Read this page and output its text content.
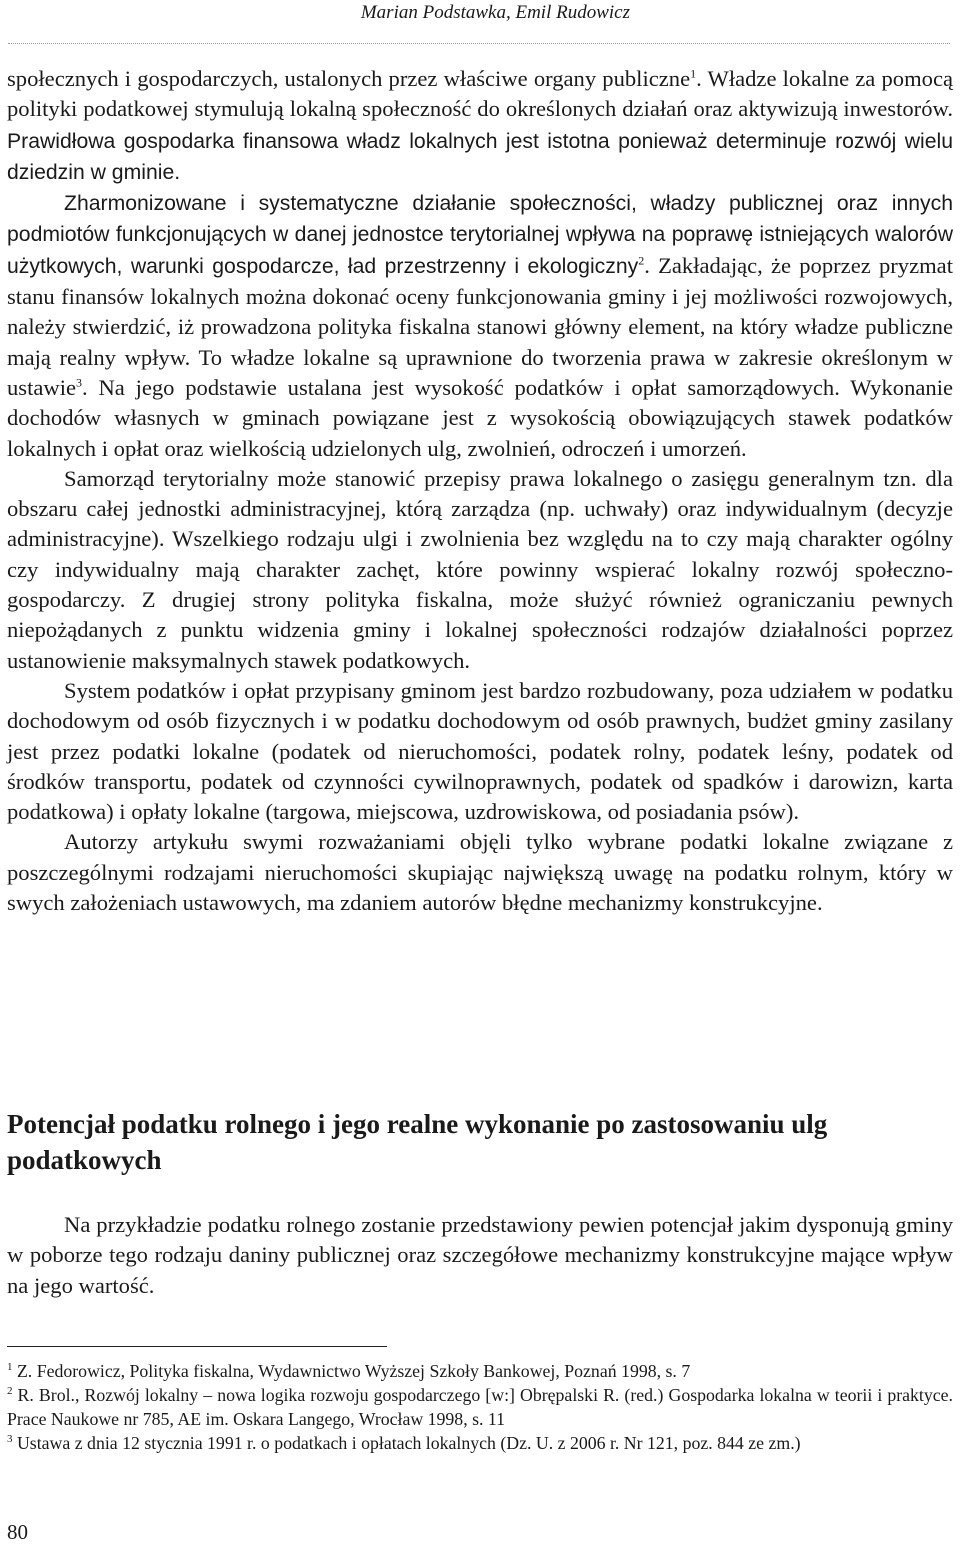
Marian Podstawka, Emil Rudowicz

społecznych i gospodarczych, ustalonych przez właściwe organy publiczne$^1$. Władze lokalne za pomocą polityki podatkowej stymulują lokalną społeczność do określonych działań oraz aktywizują inwestorów. Prawidłowa gospodarka finansowa władz lokalnych jest istotna ponieważ determinuje rozwój wielu dziedzin w gminie.

Zharmonizowane i systematyczne działanie społeczności, władzy publicznej oraz innych podmiotów funkcjonujących w danej jednostce terytorialnej wpływa na poprawę istniejących walorów użytkowych, warunki gospodarcze, ład przestrzenny i ekologiczny$^2$. Zakładając, że poprzez pryzmat stanu finansów lokalnych można dokonać oceny funkcjonowania gminy i jej możliwości rozwojowych, należy stwierdzić, iż prowadzona polityka fiskalna stanowi główny element, na który władze publiczne mają realny wpływ. To władze lokalne są uprawnione do tworzenia prawa w zakresie określonym w ustawie$^3$. Na jego podstawie ustalana jest wysokość podatków i opłat samorządowych. Wykonanie dochodów własnych w gminach powiązane jest z wysokością obowiązujących stawek podatków lokalnych i opłat oraz wielkością udzielonych ulg, zwolnień, odroczeń i umorzeń.

Samorząd terytorialny może stanowić przepisy prawa lokalnego o zasięgu generalnym tzn. dla obszaru całej jednostki administracyjnej, którą zarządza (np. uchwały) oraz indywidualnym (decyzje administracyjne). Wszelkiego rodzaju ulgi i zwolnienia bez względu na to czy mają charakter ogólny czy indywidualny mają charakter zachęt, które powinny wspierać lokalny rozwój społeczno-gospodarczy. Z drugiej strony polityka fiskalna, może służyć również ograniczaniu pewnych niepożądanych z punktu widzenia gminy i lokalnej społeczności rodzajów działalności poprzez ustanowienie maksymalnych stawek podatkowych.

System podatków i opłat przypisany gminom jest bardzo rozbudowany, poza udziałem w podatku dochodowym od osób fizycznych i w podatku dochodowym od osób prawnych, budżet gminy zasilany jest przez podatki lokalne (podatek od nieruchomości, podatek rolny, podatek leśny, podatek od środków transportu, podatek od czynności cywilnoprawnych, podatek od spadków i darowizn, karta podatkowa) i opłaty lokalne (targowa, miejscowa, uzdrowiskowa, od posiadania psów).

Autorzy artykułu swymi rozważaniami objęli tylko wybrane podatki lokalne związane z poszczególnymi rodzajami nieruchomości skupiając największą uwagę na podatku rolnym, który w swych założeniach ustawowych, ma zdaniem autorów błędne mechanizmy konstrukcyjne.

Potencjał podatku rolnego i jego realne wykonanie po zastosowaniu ulg podatkowych

Na przykładzie podatku rolnego zostanie przedstawiony pewien potencjał jakim dysponują gminy w poborze tego rodzaju daniny publicznej oraz szczegółowe mechanizmy konstrukcyjne mające wpływ na jego wartość.

$^1$ Z. Fedorowicz, Polityka fiskalna, Wydawnictwo Wyższej Szkoły Bankowej, Poznań 1998, s. 7

$^2$ R. Brol., Rozwój lokalny – nowa logika rozwoju gospodarczego [w:] Obrępalski R. (red.) Gospodarka lokalna w teorii i praktyce. Prace Naukowe nr 785, AE im. Oskara Langego, Wrocław 1998, s. 11

$^3$ Ustawa z dnia 12 stycznia 1991 r. o podatkach i opłatach lokalnych (Dz. U. z 2006 r. Nr 121, poz. 844 ze zm.)

80
